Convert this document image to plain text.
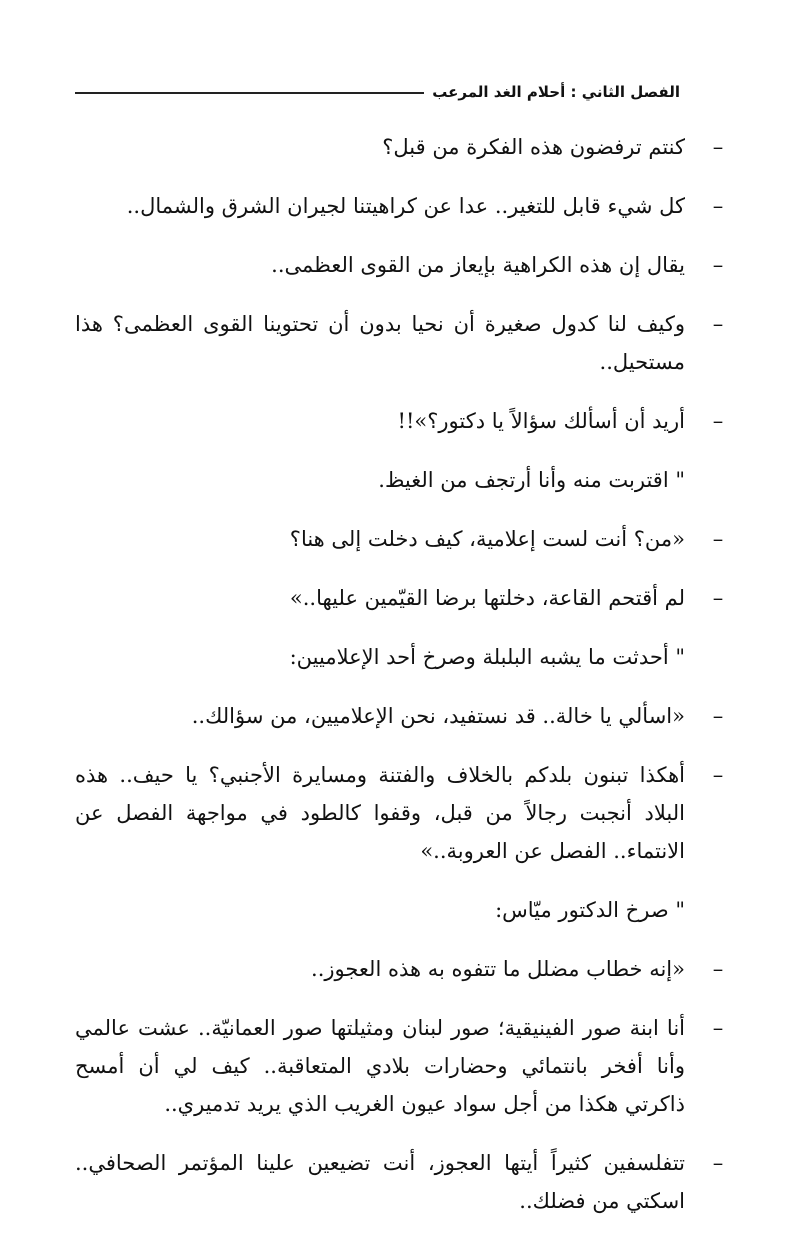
الفصل الثاني : أحلام الغد المرعب

–
كنتم ترفضون هذه الفكرة من قبل؟

–
كل شيء قابل للتغير.. عدا عن كراهيتنا لجيران الشرق والشمال..

–
يقال إن هذه الكراهية بإيعاز من القوى العظمى..

–
وكيف لنا كدول صغيرة أن نحيا بدون أن تحتوينا القوى العظمى؟ هذا مستحيل..

–
أريد أن أسألك سؤالاً يا دكتور؟»!!

" اقتربت منه وأنا أرتجف من الغيظ.

–
«من؟ أنت لست إعلامية، كيف دخلت إلى هنا؟

–
لم أقتحم القاعة، دخلتها برضا القيّمين عليها..»

" أحدثت ما يشبه البلبلة وصرخ أحد الإعلاميين:

–
«اسألي يا خالة.. قد نستفيد، نحن الإعلاميين، من سؤالك..

–
أهكذا تبنون بلدكم بالخلاف والفتنة ومسايرة الأجنبي؟ يا حيف.. هذه البلاد أنجبت رجالاً من قبل، وقفوا كالطود في مواجهة الفصل عن الانتماء.. الفصل عن العروبة..»

" صرخ الدكتور ميّاس:

–
«إنه خطاب مضلل ما تتفوه به هذه العجوز..

–
أنا ابنة صور الفينيقية؛ صور لبنان ومثيلتها صور العمانيّة.. عشت عالمي وأنا أفخر بانتمائي وحضارات بلادي المتعاقبة.. كيف لي أن أمسح ذاكرتي هكذا من أجل سواد عيون الغريب الذي يريد تدميري..

–
تتفلسفين كثيراً أيتها العجوز، أنت تضيعين علينا المؤتمر الصحافي.. اسكتي من فضلك..
